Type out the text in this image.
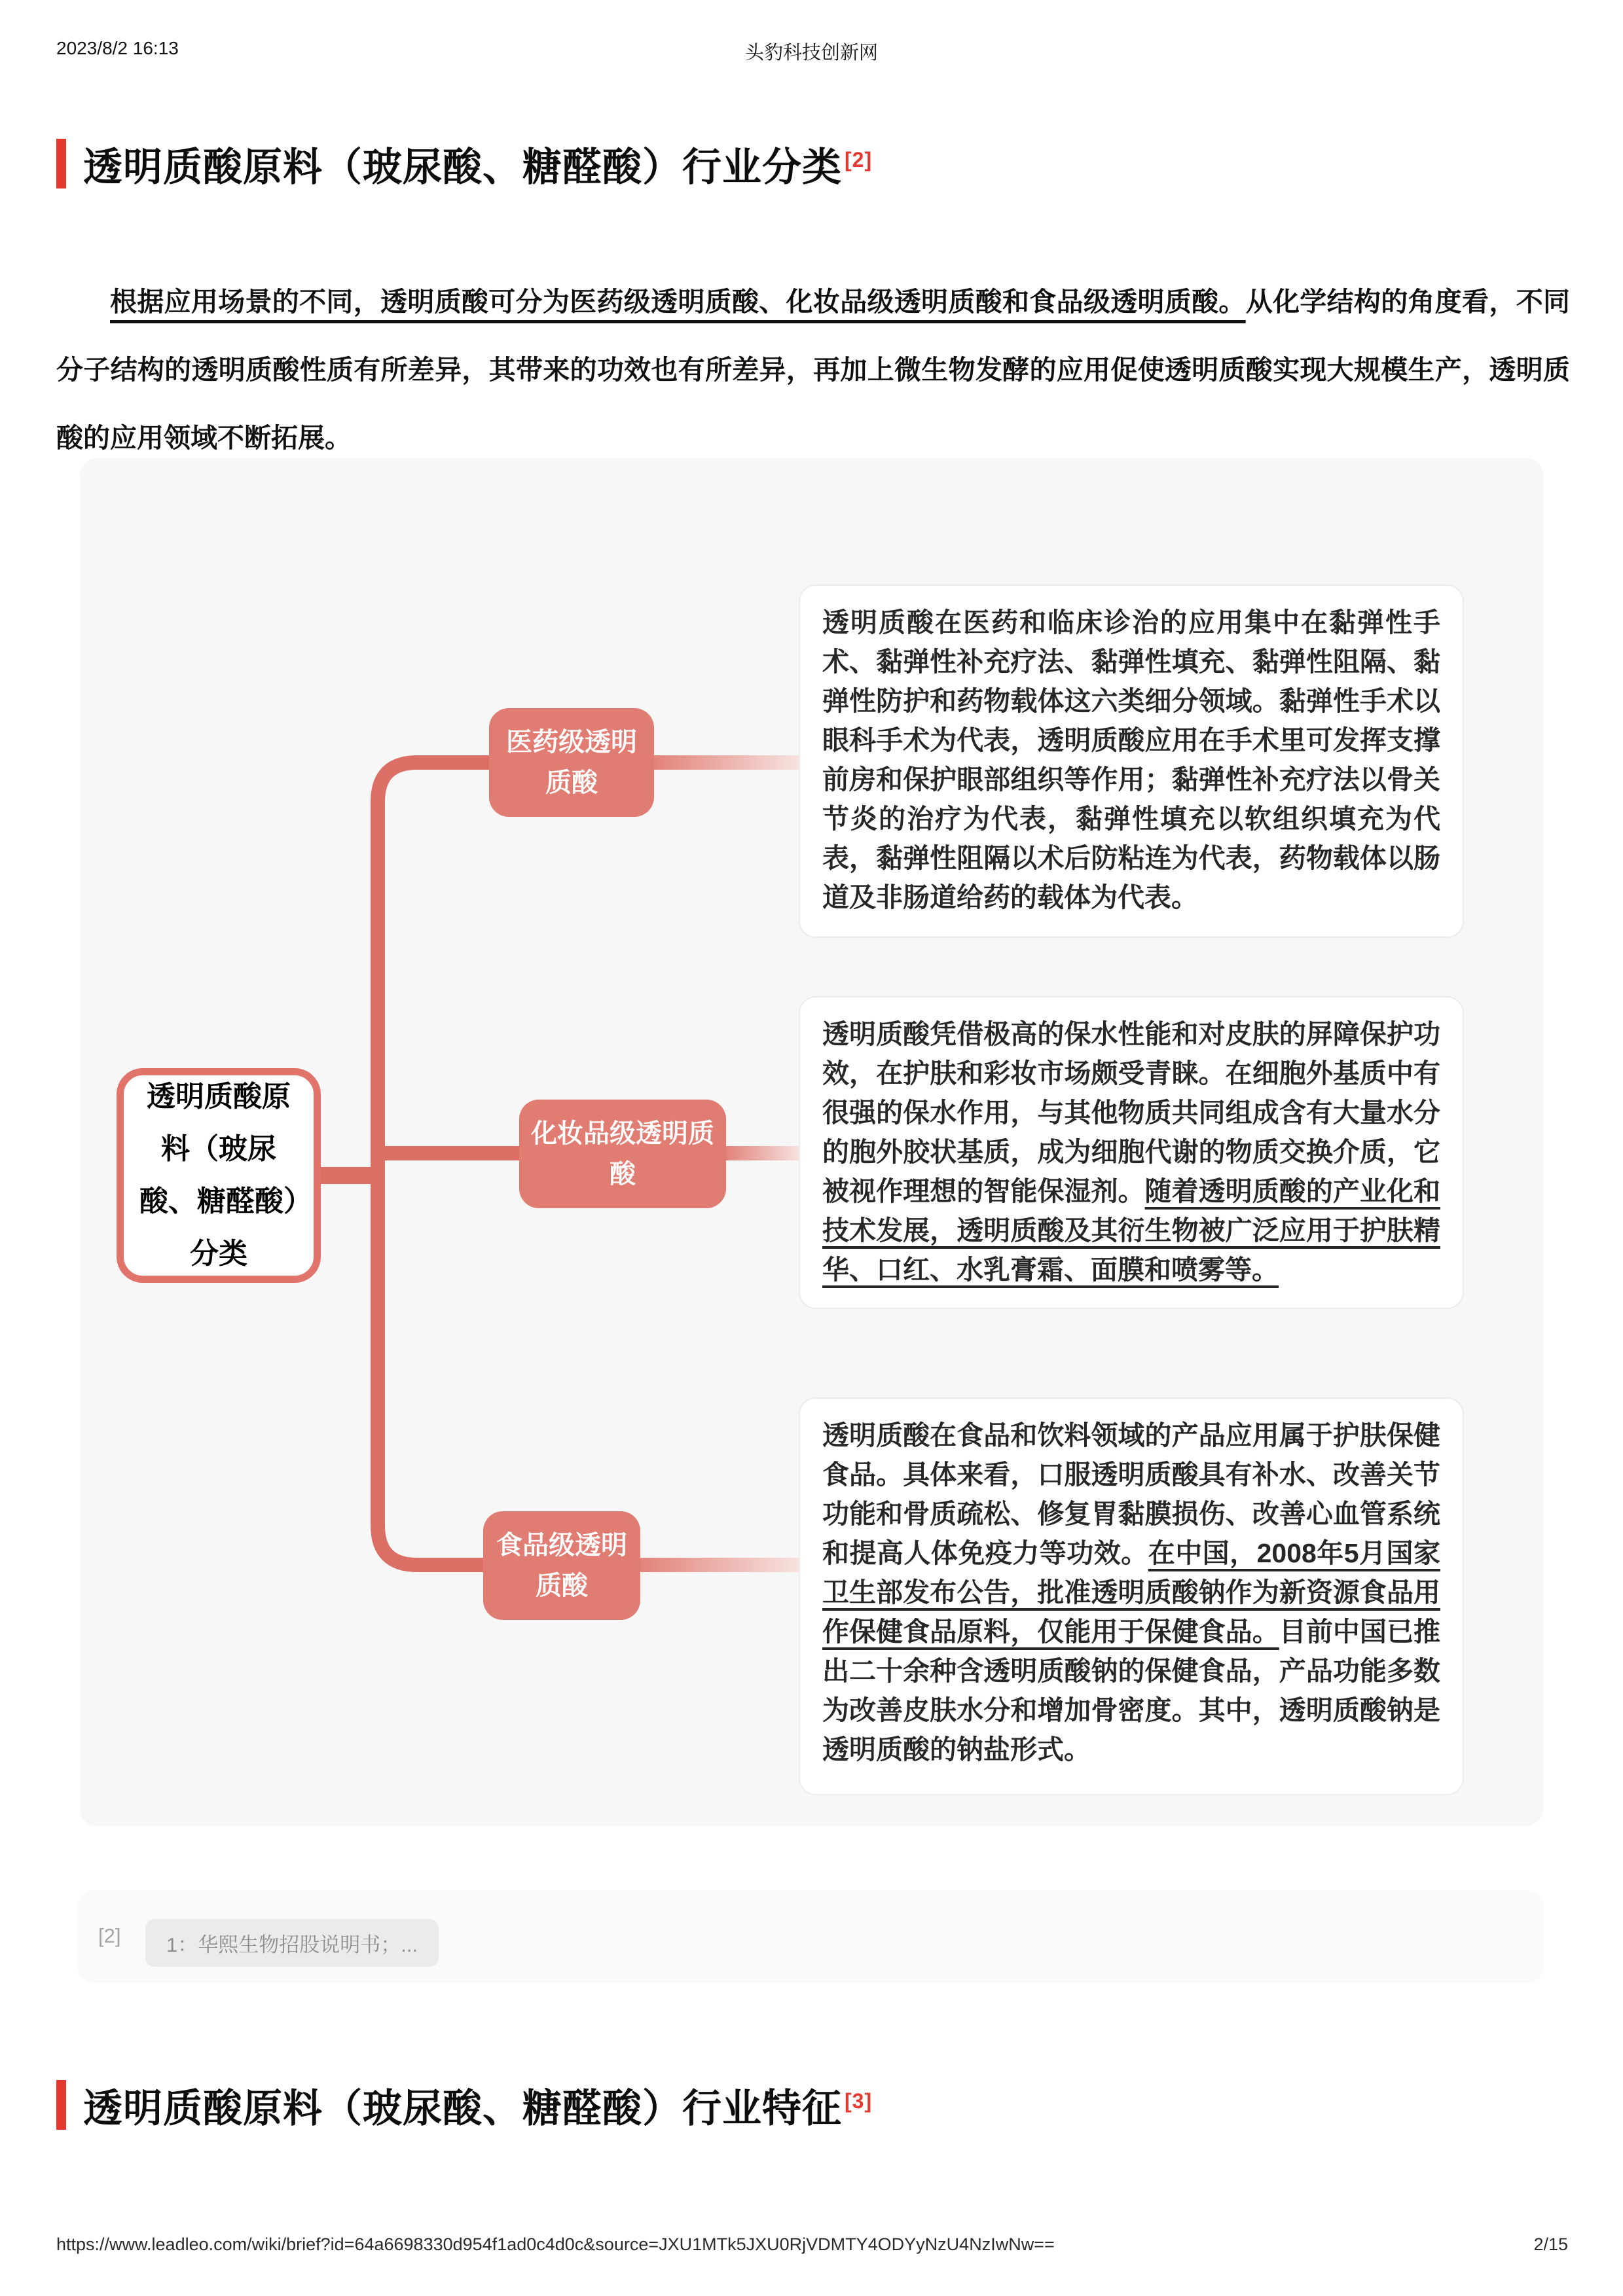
2023/8/2 16:13	头豹科技创新网
透明质酸原料（玻尿酸、糖醛酸）行业分类 [2]

根据应用场景的不同，透明质酸可分为医药级透明质酸、化妆品级透明质酸和食品级透明质酸。从化学结构的角度看，不同分子结构的透明质酸性质有所差异，其带来的功效也有所差异，再加上微生物发酵的应用促使透明质酸实现大规模生产，透明质酸的应用领域不断拓展。

透明质酸原料（玻尿酸、糖醛酸）分类
医药级透明质酸
化妆品级透明质酸
食品级透明质酸
透明质酸在医药和临床诊治的应用集中在黏弹性手术、黏弹性补充疗法、黏弹性填充、黏弹性阻隔、黏弹性防护和药物载体这六类细分领域。黏弹性手术以眼科手术为代表，透明质酸应用在手术里可发挥支撑前房和保护眼部组织等作用；黏弹性补充疗法以骨关节炎的治疗为代表，黏弹性填充以软组织填充为代表，黏弹性阻隔以术后防粘连为代表，药物载体以肠道及非肠道给药的载体为代表。
透明质酸凭借极高的保水性能和对皮肤的屏障保护功效，在护肤和彩妆市场颇受青睐。在细胞外基质中有很强的保水作用，与其他物质共同组成含有大量水分的胞外胶状基质，成为细胞代谢的物质交换介质，它被视作理想的智能保湿剂。随着透明质酸的产业化和技术发展，透明质酸及其衍生物被广泛应用于护肤精华、口红、水乳膏霜、面膜和喷雾等。
透明质酸在食品和饮料领域的产品应用属于护肤保健食品。具体来看，口服透明质酸具有补水、改善关节功能和骨质疏松、修复胃黏膜损伤、改善心血管系统和提高人体免疫力等功效。在中国，2008年5月国家卫生部发布公告，批准透明质酸钠作为新资源食品用作保健食品原料，仅能用于保健食品。目前中国已推出二十余种含透明质酸钠的保健食品，产品功能多数为改善皮肤水分和增加骨密度。其中，透明质酸钠是透明质酸的钠盐形式。
[2]	1：华熙生物招股说明书；...
透明质酸原料（玻尿酸、糖醛酸）行业特征 [3]
https://www.leadleo.com/wiki/brief?id=64a6698330d954f1ad0c4d0c&source=JXU1MTk5JXU0RjVDMTY4ODYyNzU4NzIwNw==	2/15
